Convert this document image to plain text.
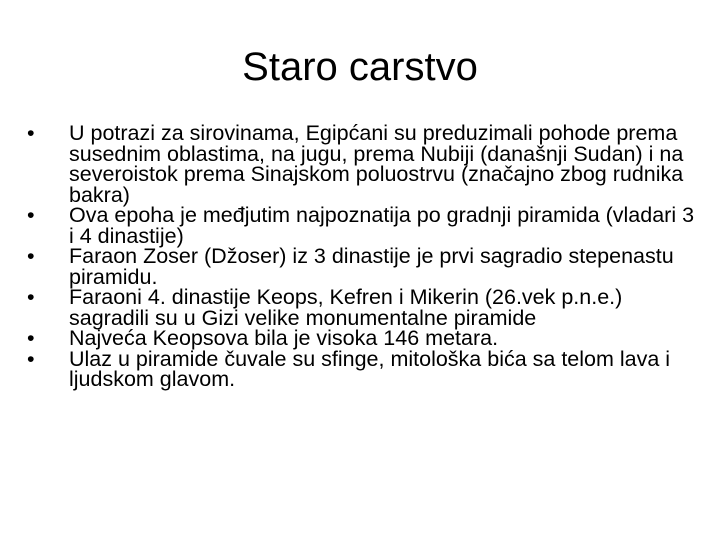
Staro carstvo
•	U potrazi za sirovinama, Egipćani su preduzimali pohode prema susednim oblastima, na jugu, prema Nubiji (današnji Sudan) i na severoistok prema Sinajskom poluostrvu (značajno zbog rudnika bakra)
•	Ova epoha je međjutim najpoznatija po gradnji piramida (vladari 3 i 4 dinastije)
•	Faraon Zoser (Džoser) iz 3 dinastije je prvi sagradio stepenastu piramidu.
•	Faraoni 4. dinastije Keops, Kefren i Mikerin (26.vek p.n.e.) sagradili su u Gizi velike monumentalne piramide
•	Najveća Keopsova bila je visoka 146 metara.
•	Ulaz u piramide čuvale su sfinge, mitološka bića sa telom lava i ljudskom glavom.
